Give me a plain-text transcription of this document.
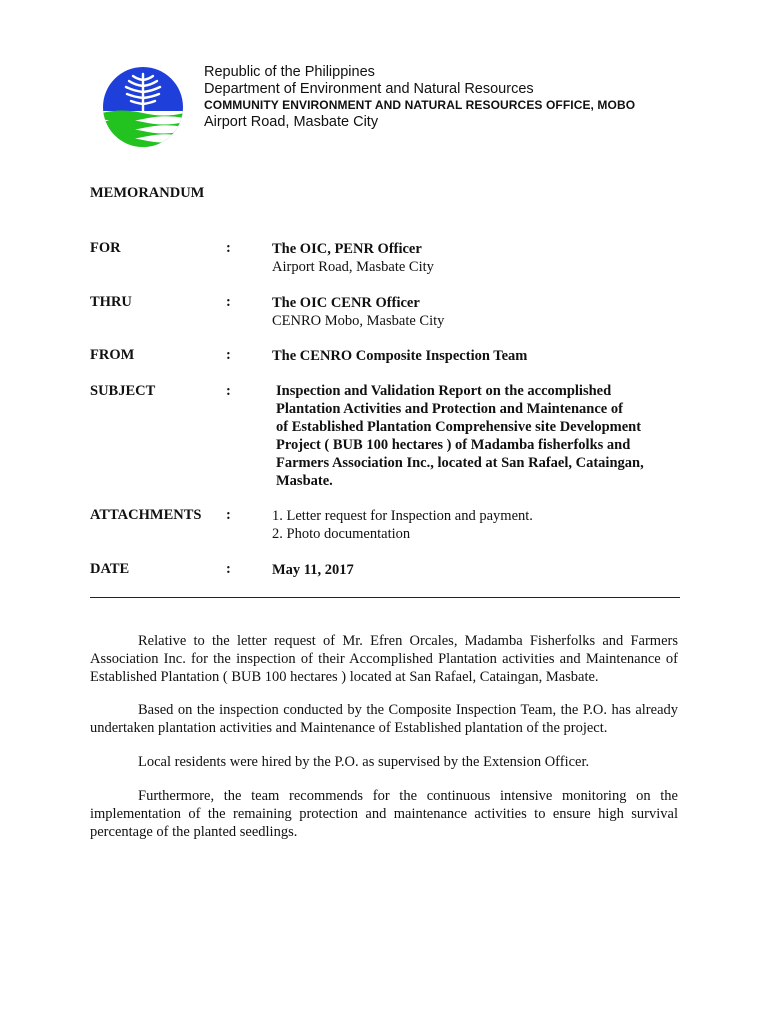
Republic of the Philippines
Department of Environment and Natural Resources
COMMUNITY ENVIRONMENT AND NATURAL RESOURCES OFFICE, MOBO
Airport Road, Masbate City
MEMORANDUM
FOR	:	The OIC, PENR Officer
Airport Road, Masbate City
THRU	:	The OIC CENR Officer
CENRO Mobo, Masbate City
FROM	:	The CENRO Composite Inspection Team
SUBJECT	:	Inspection and Validation Report on the accomplished
Plantation Activities and Protection and Maintenance of
of Established Plantation Comprehensive site Development
Project ( BUB 100 hectares ) of Madamba fisherfolks and
Farmers Association Inc., located at San Rafael, Cataingan,
Masbate.
ATTACHMENTS :	1. Letter request for Inspection and payment.
2. Photo documentation
DATE	:	May 11, 2017

Relative to the letter request of Mr. Efren Orcales, Madamba Fisherfolks and Farmers Association Inc. for the inspection of their Accomplished Plantation activities and Maintenance of Established Plantation ( BUB 100 hectares ) located at San Rafael, Cataingan, Masbate.

Based on the inspection conducted by the Composite Inspection Team, the P.O. has already undertaken plantation activities and Maintenance of Established plantation of the project.

Local residents were hired by the P.O. as supervised by the Extension Officer.

Furthermore, the team recommends for the continuous intensive monitoring on the implementation of the remaining protection and maintenance activities to ensure high survival percentage of the planted seedlings.
